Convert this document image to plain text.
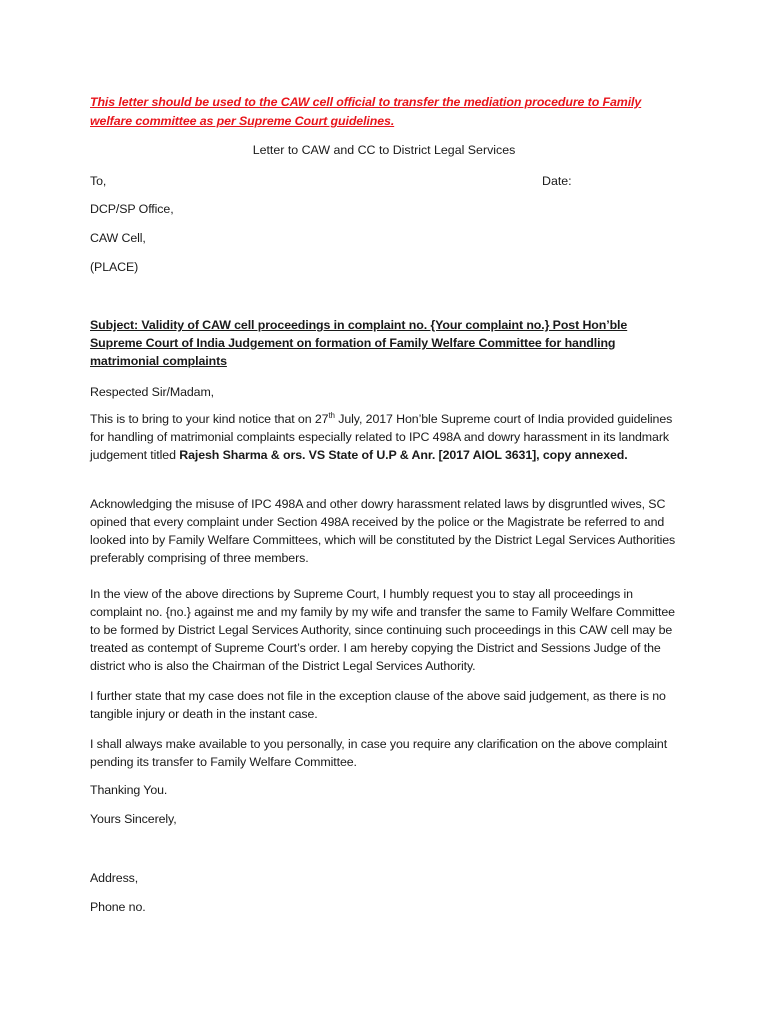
This letter should be used to the CAW cell official to transfer the mediation procedure to Family welfare committee as per Supreme Court guidelines.

Letter to CAW and CC to District Legal Services
To,	Date:
DCP/SP Office,
CAW Cell,
(PLACE)

Subject: Validity of CAW cell proceedings in complaint no. {Your complaint no.} Post Hon’ble Supreme Court of India Judgement on formation of Family Welfare Committee for handling matrimonial complaints

Respected Sir/Madam,

This is to bring to your kind notice that on 27th July, 2017 Hon’ble Supreme court of India provided guidelines for handling of matrimonial complaints especially related to IPC 498A and dowry harassment in its landmark judgement titled Rajesh Sharma & ors. VS State of U.P & Anr. [2017 AIOL 3631], copy annexed.

Acknowledging the misuse of IPC 498A and other dowry harassment related laws by disgruntled wives, SC opined that every complaint under Section 498A received by the police or the Magistrate be referred to and looked into by Family Welfare Committees, which will be constituted by the District Legal Services Authorities preferably comprising of three members.

In the view of the above directions by Supreme Court, I humbly request you to stay all proceedings in complaint no. {no.} against me and my family by my wife and transfer the same to Family Welfare Committee to be formed by District Legal Services Authority, since continuing such proceedings in this CAW cell may be treated as contempt of Supreme Court’s order. I am hereby copying the District and Sessions Judge of the district who is also the Chairman of the District Legal Services Authority.

I further state that my case does not file in the exception clause of the above said judgement, as there is no tangible injury or death in the instant case.

I shall always make available to you personally, in case you require any clarification on the above complaint pending its transfer to Family Welfare Committee.

Thanking You.
Yours Sincerely,
Address,
Phone no.
